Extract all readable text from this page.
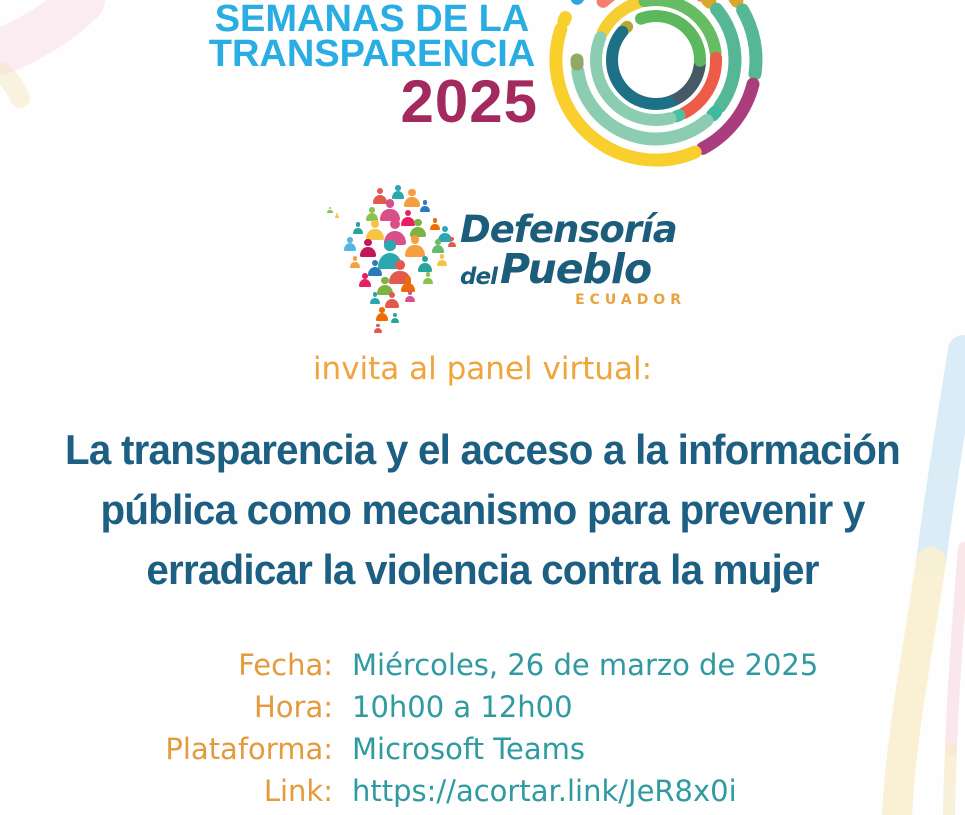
SEMANAS DE LA
TRANSPARENCIA
2025
Defensoría
del Pueblo
ECUADOR
invita al panel virtual:
La transparencia y el acceso a la información
pública como mecanismo para prevenir y
erradicar la violencia contra la mujer
Fecha: Miércoles, 26 de marzo de 2025
Hora: 10h00 a 12h00
Plataforma: Microsoft Teams
Link: https://acortar.link/JeR8x0i
